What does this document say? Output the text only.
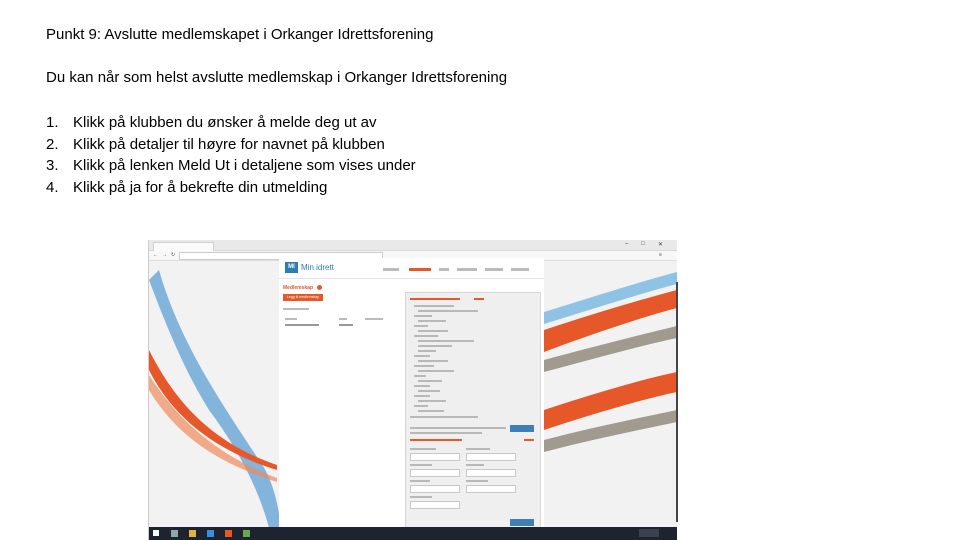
Punkt 9: Avslutte medlemskapet i Orkanger Idrettsforening
Du kan når som helst avslutte medlemskap i Orkanger Idrettsforening
1. Klikk på klubben du ønsker å melde deg ut av
2. Klikk på detaljer til høyre for navnet på klubben
3. Klikk på lenken Meld Ut i detaljene som vises under
4. Klikk på ja for å bekrefte din utmelding
– □ ✕
← → ↻	≡
MI Min idrett
Medlemskap
Legg til medlemskap
